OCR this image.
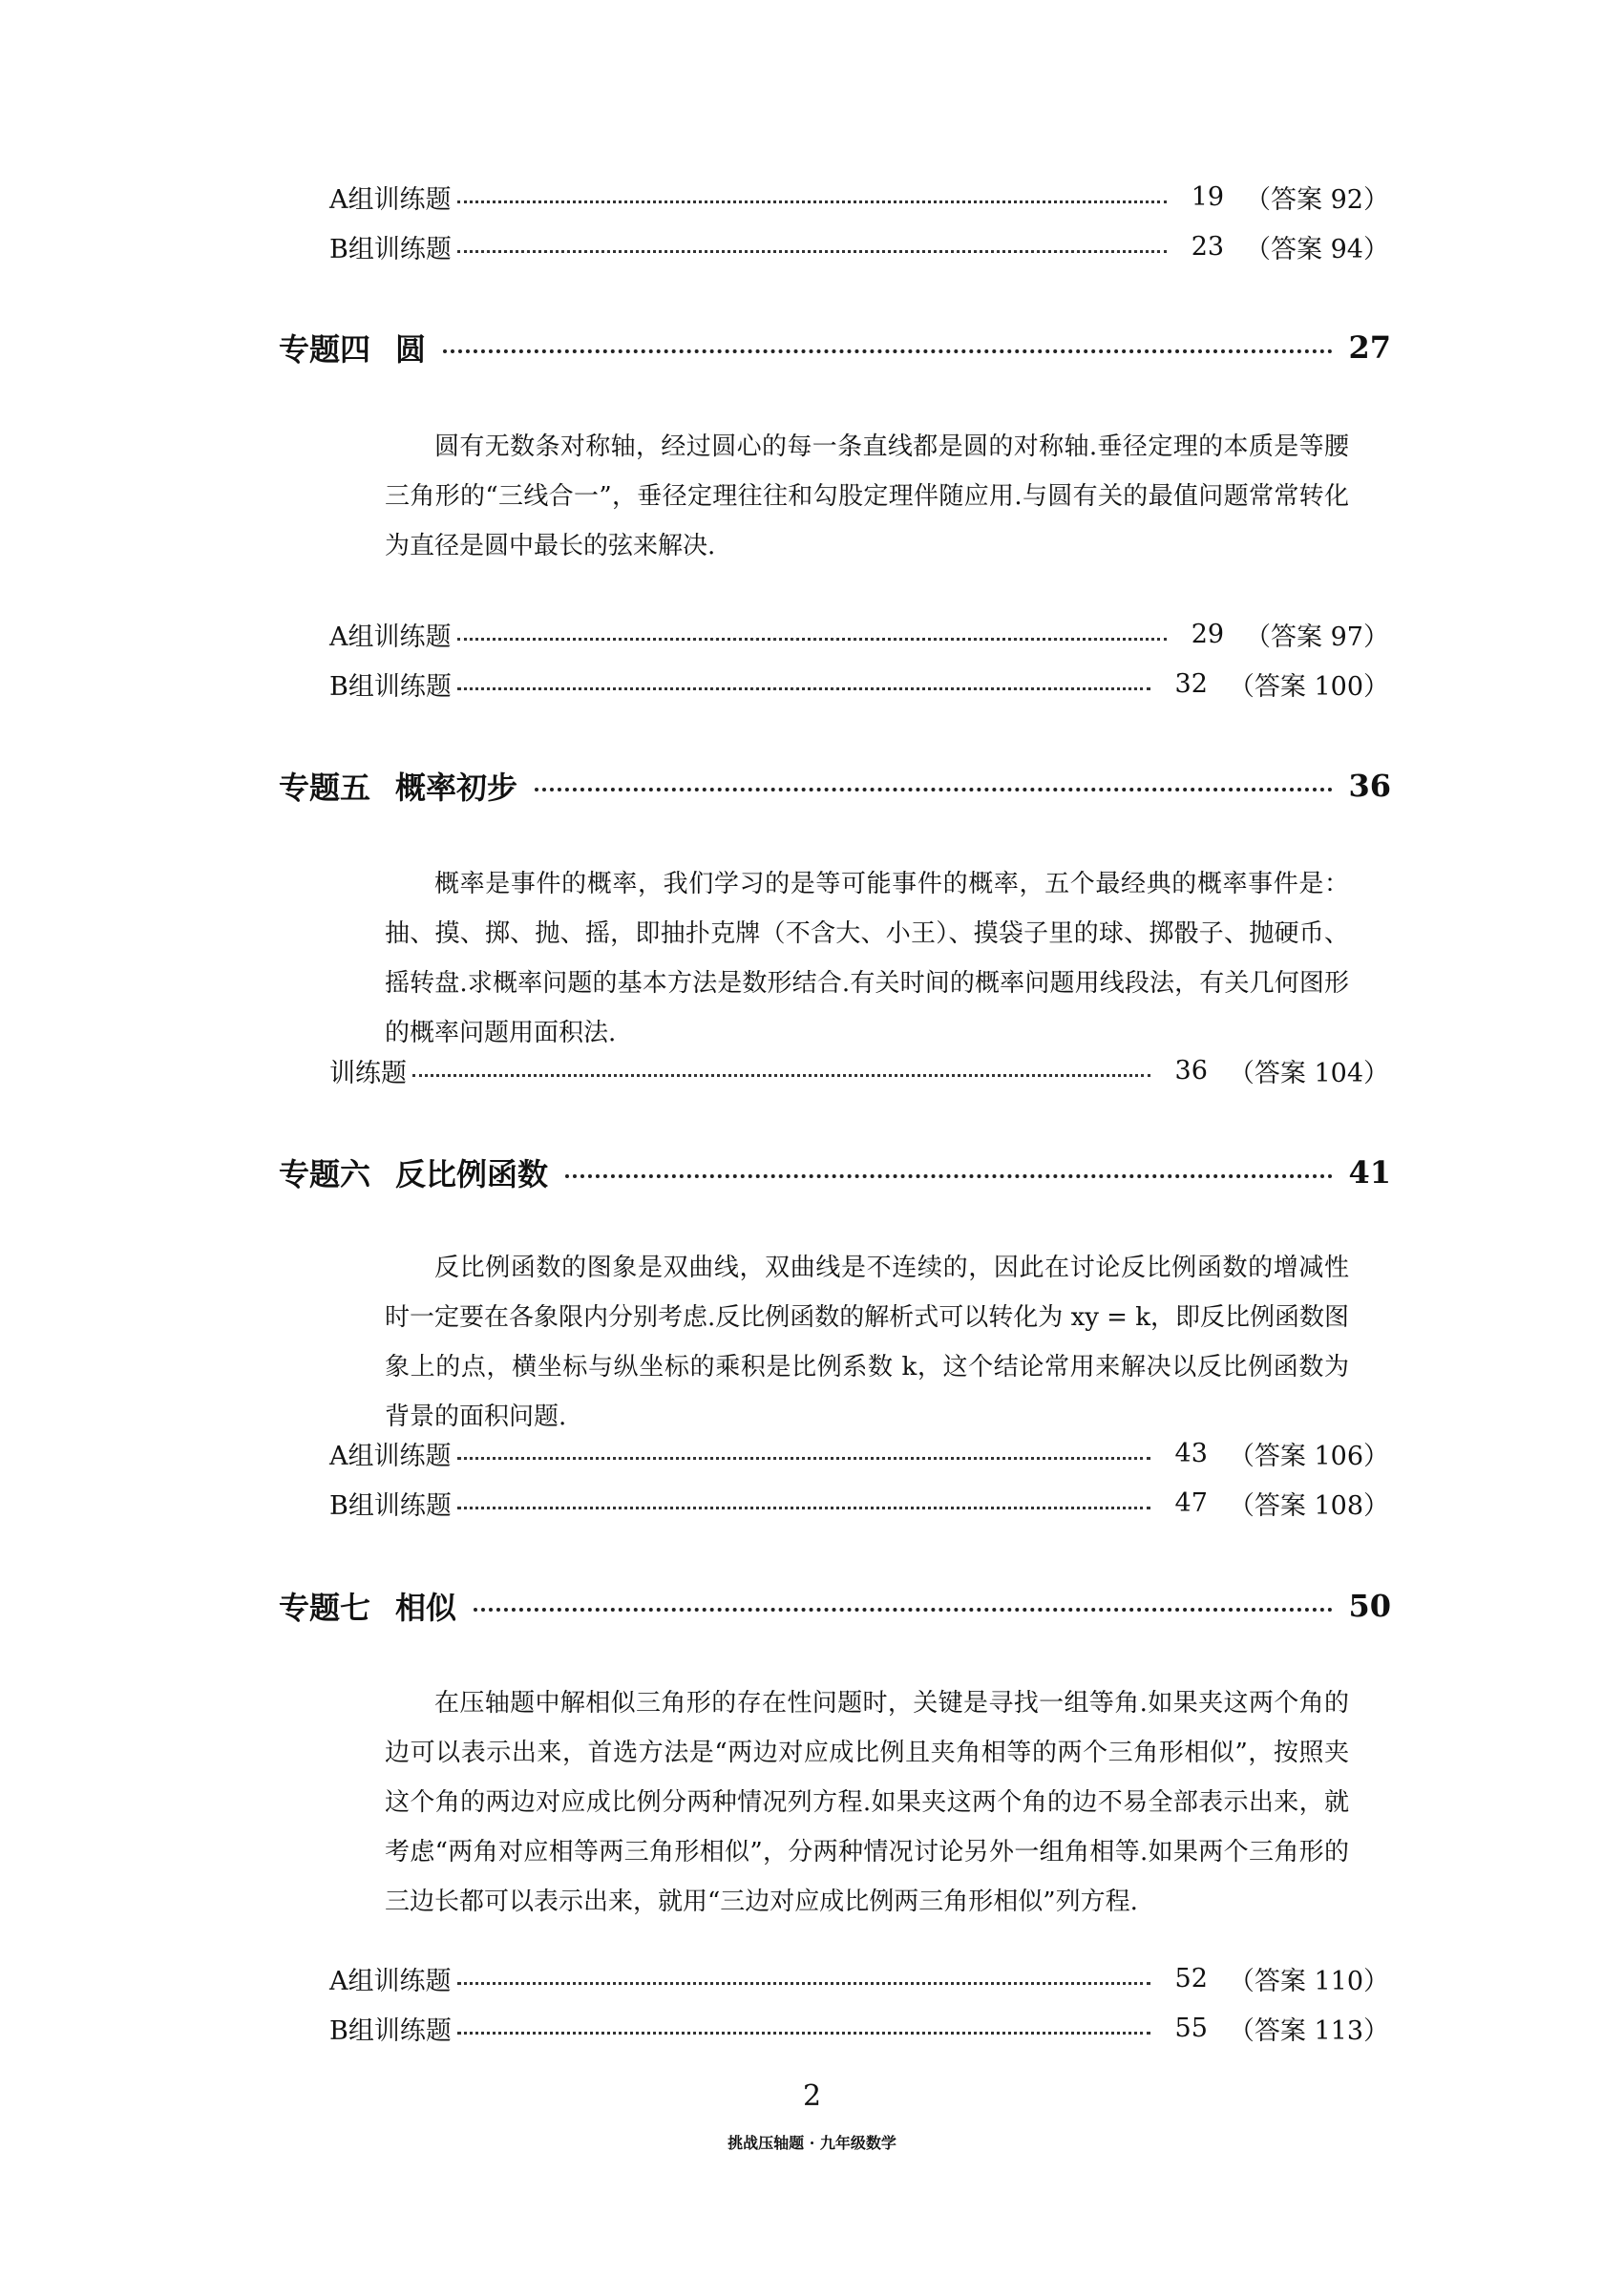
A组训练题	19 （答案 92）
B组训练题	23 （答案 94）
专题四 圆	27

圆有无数条对称轴，经过圆心的每一条直线都是圆的对称轴.垂径定理的本质是等腰三角形的“三线合一”，垂径定理往往和勾股定理伴随应用.与圆有关的最值问题常常转化为直径是圆中最长的弦来解决.

A组训练题	29 （答案 97）
B组训练题	32 （答案 100）
专题五 概率初步	36

概率是事件的概率，我们学习的是等可能事件的概率，五个最经典的概率事件是：抽、摸、掷、抛、摇，即抽扑克牌（不含大、小王）、摸袋子里的球、掷骰子、抛硬币、摇转盘.求概率问题的基本方法是数形结合.有关时间的概率问题用线段法，有关几何图形的概率问题用面积法.

训练题	36 （答案 104）
专题六 反比例函数	41

反比例函数的图象是双曲线，双曲线是不连续的，因此在讨论反比例函数的增减性时一定要在各象限内分别考虑.反比例函数的解析式可以转化为 xy = k，即反比例函数图象上的点，横坐标与纵坐标的乘积是比例系数 k，这个结论常用来解决以反比例函数为背景的面积问题.

A组训练题	43 （答案 106）
B组训练题	47 （答案 108）
专题七 相似	50

在压轴题中解相似三角形的存在性问题时，关键是寻找一组等角.如果夹这两个角的边可以表示出来，首选方法是“两边对应成比例且夹角相等的两个三角形相似”，按照夹这个角的两边对应成比例分两种情况列方程.如果夹这两个角的边不易全部表示出来，就考虑“两角对应相等两三角形相似”，分两种情况讨论另外一组角相等.如果两个三角形的三边长都可以表示出来，就用“三边对应成比例两三角形相似”列方程.

A组训练题	52 （答案 110）
B组训练题	55 （答案 113）
2
挑战压轴题 · 九年级数学
